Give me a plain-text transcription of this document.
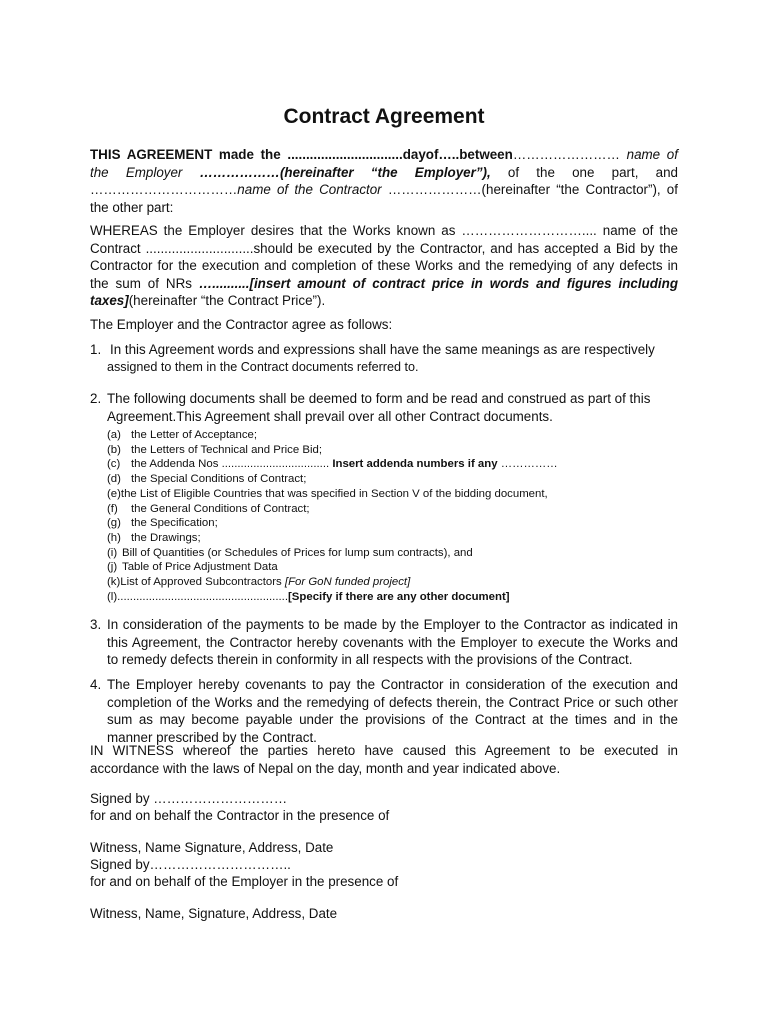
Contract Agreement

THIS AGREEMENT made the ...............................dayof…..between…………………… name of the Employer ………………(hereinafter “the Employer”), of the one part, and ……………………………name of the Contractor …………………(hereinafter “the Contractor”), of the other part:

WHEREAS the Employer desires that the Works known as ……………………….... name of the Contract .............................should be executed by the Contractor, and has accepted a Bid by the Contractor for the execution and completion of these Works and the remedying of any defects in the sum of NRs …..........[insert amount of contract price in words and figures including taxes](hereinafter “the Contract Price”).

The Employer and the Contractor agree as follows:

1. In this Agreement words and expressions shall have the same meanings as are respectively

assigned to them in the Contract documents referred to.

2. The following documents shall be deemed to form and be read and construed as part of this

Agreement.This Agreement shall prevail over all other Contract documents.

(a) the Letter of Acceptance;
(b) the Letters of Technical and Price Bid;
(c) the Addenda Nos .................................. Insert addenda numbers if any ……………
(d) the Special Conditions of Contract;
(e)the List of Eligible Countries that was specified in Section V of the bidding document,
(f) the General Conditions of Contract;
(g) the Specification;
(h) the Drawings;
(i) Bill of Quantities (or Schedules of Prices for lump sum contracts), and
(j) Table of Price Adjustment Data
(k)List of Approved Subcontractors [For GoN funded project]
(l)......................................................[Specify if there are any other document]
3. In consideration of the payments to be made by the Employer to the Contractor as indicated in this Agreement, the Contractor hereby covenants with the Employer to execute the Works and to remedy defects therein in conformity in all respects with the provisions of the Contract.
4. The Employer hereby covenants to pay the Contractor in consideration of the execution and completion of the Works and the remedying of defects therein, the Contract Price or such other sum as may become payable under the provisions of the Contract at the times and in the manner prescribed by the Contract.

IN WITNESS whereof the parties hereto have caused this Agreement to be executed in accordance with the laws of Nepal on the day, month and year indicated above.

Signed by …………………………

for and on behalf the Contractor in the presence of

Witness, Name Signature, Address, Date

Signed by…………………………..

for and on behalf of the Employer in the presence of

Witness, Name, Signature, Address, Date
